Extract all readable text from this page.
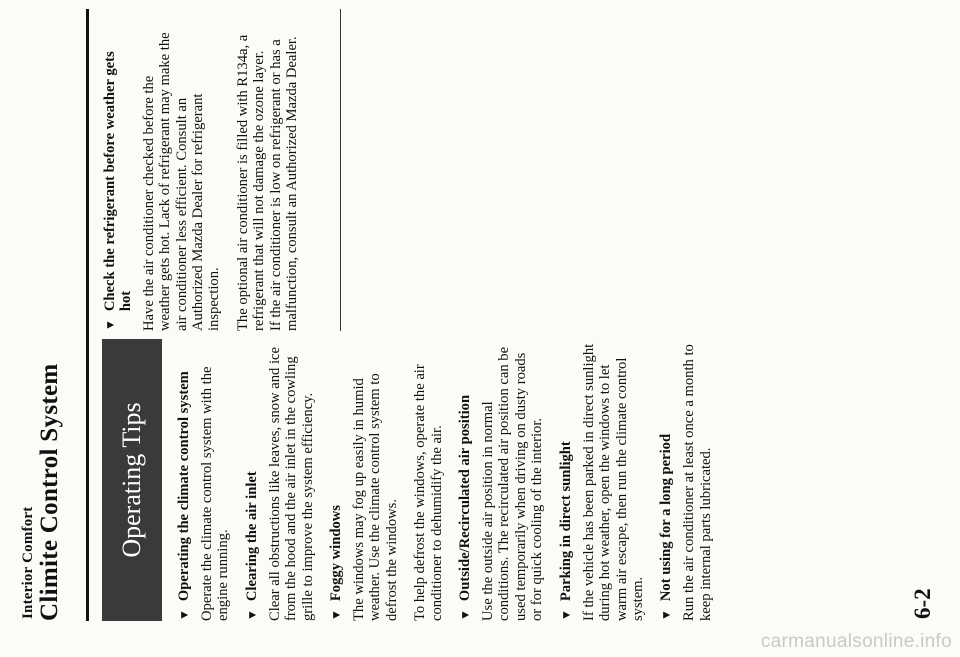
Interior Comfort Climite Control System	Operating Tips
▼
Operating the climate control system Operate the climate control system with the engine running. ▼
Clearing the air inlet Clear all obstructions like leaves, snow and ice from the hood and the air inlet in the cowling grille to improve the system efficiency. ▼
Foggy windows The windows may fog up easily in humid weather. Use the climate control system to defrost the windows. To help defrost the windows, operate the air conditioner to dehumidify the air. ▼
Outside/Recirculated air position Use the outside air position in normal conditions. The recirculated air position can be used temporarily when driving on dusty roads or for quick cooling of the interior. ▼
Parking in direct sunlight If the vehicle has been parked in direct sunlight during hot weather, open the windows to let warm air escape, then run the climate control system. ▼
Not using for a long period Run the air conditioner at least once a month to keep internal parts lubricated.
▼
Check the refrigerant before weather gets hot Have the air conditioner checked before the weather gets hot. Lack of refrigerant may make the air conditioner less efficient. Consult an Authorized Mazda Dealer for refrigerant inspection. The optional air conditioner is filled with R134a, a refrigerant that will not damage the ozone layer. If the air conditioner is low on refrigerant or has a malfunction, consult an Authorized Mazda Dealer.
6-2
carmanualsonline.info
